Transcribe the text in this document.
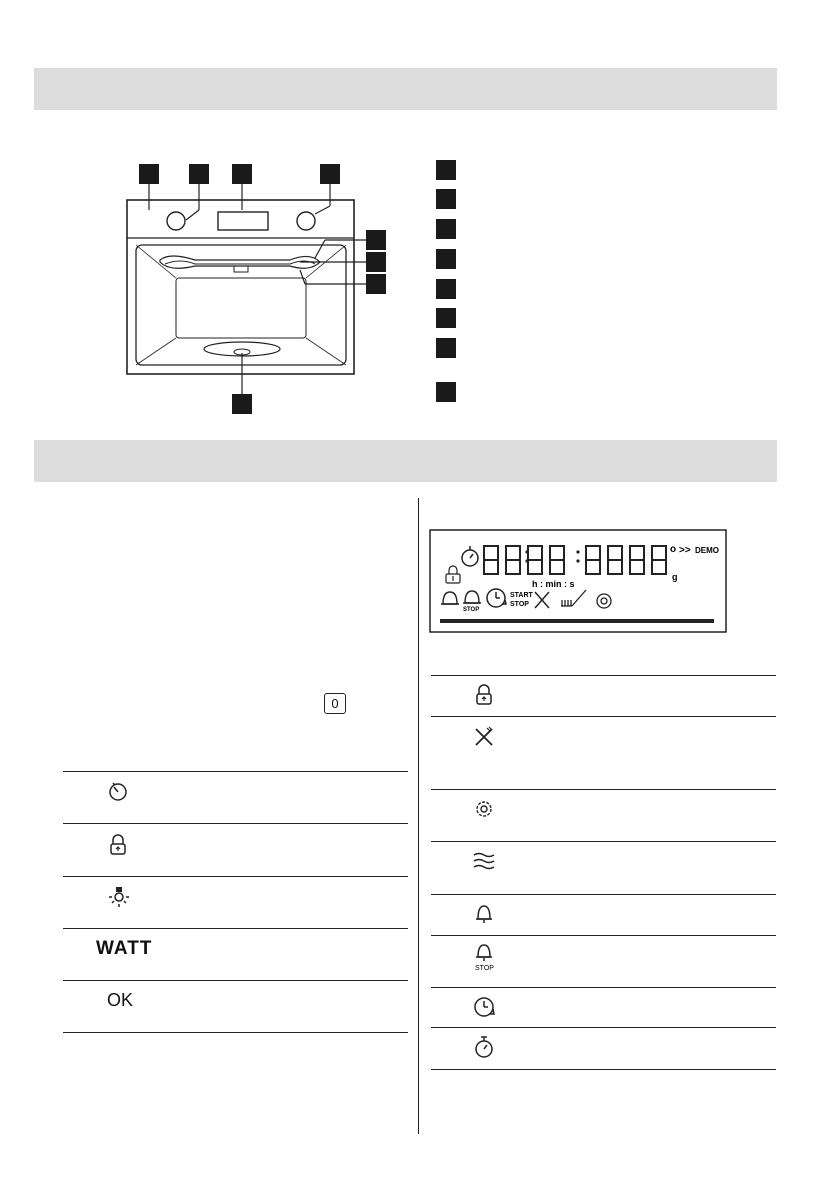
0
WATT
OK
o >> DEMO
g
h : min : s
STOP
START
STOP
STOP
